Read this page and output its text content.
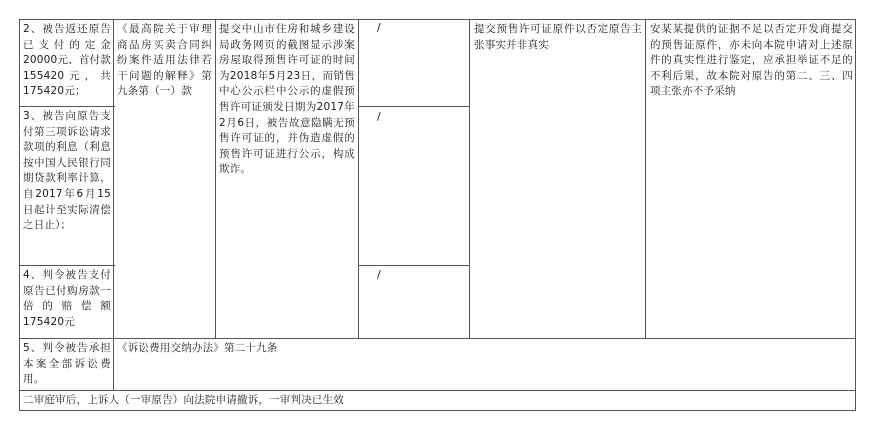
2、被告返还原告已支付的定金20000元、首付款155420元，共175420元；
《最高院关于审理商品房买卖合同纠纷案件适用法律若干问题的解释》第九条第（一）款
提交中山市住房和城乡建设局政务网页的截图显示涉案房屋取得预售许可证的时间为2018年5月23日，而销售中心公示栏中公示的虚假预售许可证颁发日期为2017年2月6日，被告故意隐瞒无预售许可证的，并伪造虚假的预售许可证进行公示，构成欺诈。
/	提交预售许可证原件以否定原告主张事实并非真实
安某某提供的证据不足以否定开发商提交的预售证原件，亦未向本院申请对上述原件的真实性进行鉴定，应承担举证不足的不利后果，故本院对原告的第二、三、四项主张亦不予采纳
3、被告向原告支付第三项诉讼请求款项的利息（利息按中国人民银行同期贷款利率计算，自2017年6月15日起计至实际清偿之日止）；
/
4、判令被告支付原告已付购房款一倍的赔偿额175420元
/
5、判令被告承担本案全部诉讼费用。
《诉讼费用交纳办法》第二十九条
二审庭审后，上诉人（一审原告）向法院申请撤诉，一审判决已生效
